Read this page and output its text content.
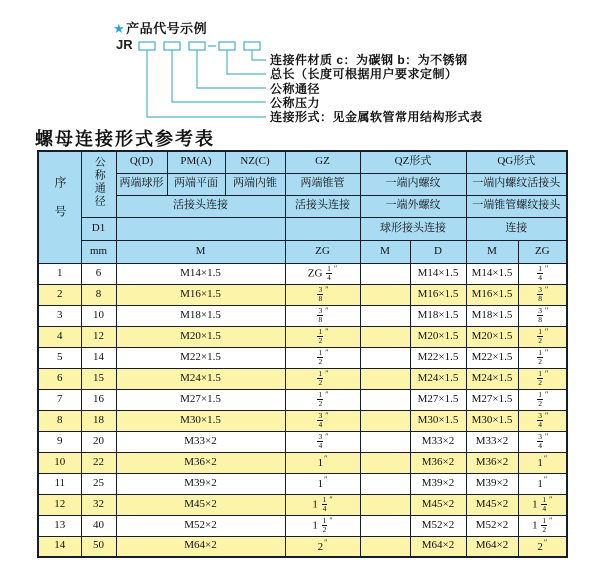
★产品代号示例
JR
连接件材质 c：为碳钢 b：为不锈钢
总长（长度可根据用户要求定制）
公称通径
公称压力
连接形式：见金属软管常用结构形式表
螺母连接形式参考表
序号	公称通径	Q(D)	PM(A)	NZ(C)	GZ	QZ形式		QG形式	
		两端球形	两端平面	两端内锥	两端锥管	一端内螺纹		一端内螺纹活接头	
		活接头连接			活接头连接	一端外螺纹		一端锥管螺纹接头	
	D1					球形接头连接		连接	
	mm	M			ZG	M	D	M	ZG
1	6	M14×1.5			ZG $\frac{1}{4} ''$		M14×1.5	M14×1.5	$\frac{1}{4} ''$
2	8	M16×1.5			$\frac{3}{8} ''$		M16×1.5	M16×1.5	$\frac{3}{8} ''$
3	10	M18×1.5			$\frac{3}{8} ''$		M18×1.5	M18×1.5	$\frac{3}{8} ''$
4	12	M20×1.5			$\frac{1}{2} ''$		M20×1.5	M20×1.5	$\frac{1}{2} ''$
5	14	M22×1.5			$\frac{1}{2} ''$		M22×1.5	M22×1.5	$\frac{1}{2} ''$
6	15	M24×1.5			$\frac{1}{2} ''$		M24×1.5	M24×1.5	$\frac{1}{2} ''$
7	16	M27×1.5			$\frac{1}{2} ''$		M27×1.5	M27×1.5	$\frac{1}{2} ''$
8	18	M30×1.5			$\frac{3}{4} ''$		M30×1.5	M30×1.5	$\frac{3}{4} ''$
9	20	M33×2			$\frac{3}{4} ''$		M33×2	M33×2	$\frac{3}{4} ''$
10	22	M36×2			1″		M36×2	M36×2	1″
11	25	M39×2			1″		M39×2	M39×2	1″
12	32	M45×2			$1 \frac{1}{4} ''$		M45×2	M45×2	$1 \frac{1}{4} ''$
13	40	M52×2			$1 \frac{1}{2} ''$		M52×2	M52×2	$1 \frac{1}{2} ''$
14	50	M64×2			2″		M64×2	M64×2	2″
